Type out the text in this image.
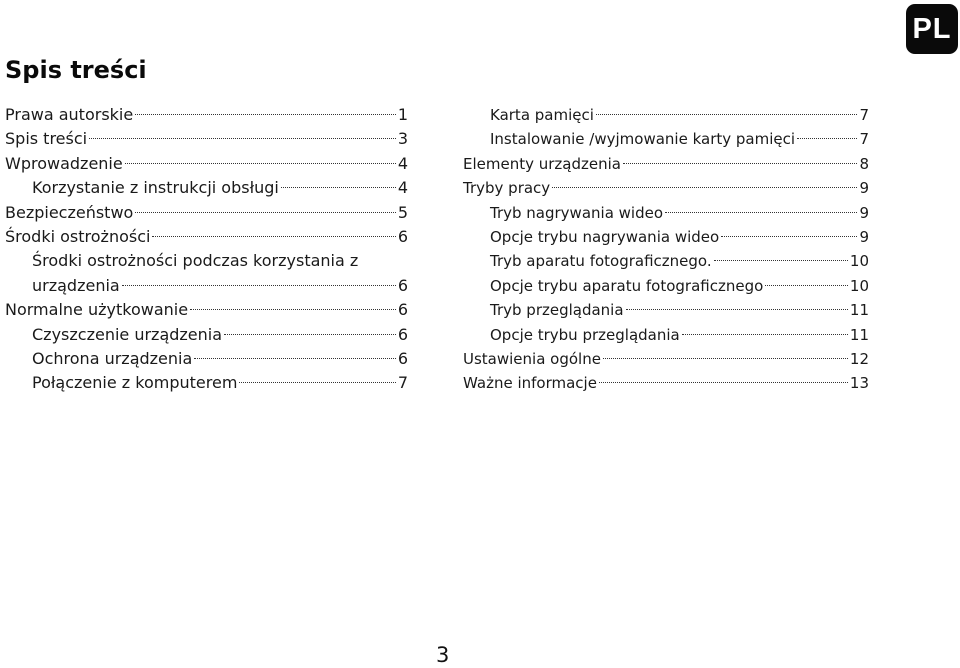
PL
Spis treści
Prawa autorskie	1
Spis treści	3
Wprowadzenie	4
Korzystanie z instrukcji obsługi	4
Bezpieczeństwo	5
Środki ostrożności	6
Środki ostrożności podczas korzystania z
urządzenia	6
Normalne użytkowanie	6
Czyszczenie urządzenia	6
Ochrona urządzenia	6
Połączenie z komputerem	7
Karta pamięci	7
Instalowanie /wyjmowanie karty pamięci	7
Elementy urządzenia	8
Tryby pracy	9
Tryb nagrywania wideo	9
Opcje trybu nagrywania wideo	9
Tryb aparatu fotograficznego.	10
Opcje trybu aparatu fotograficznego	10
Tryb przeglądania	11
Opcje trybu przeglądania	11
Ustawienia ogólne	12
Ważne informacje	13
3
